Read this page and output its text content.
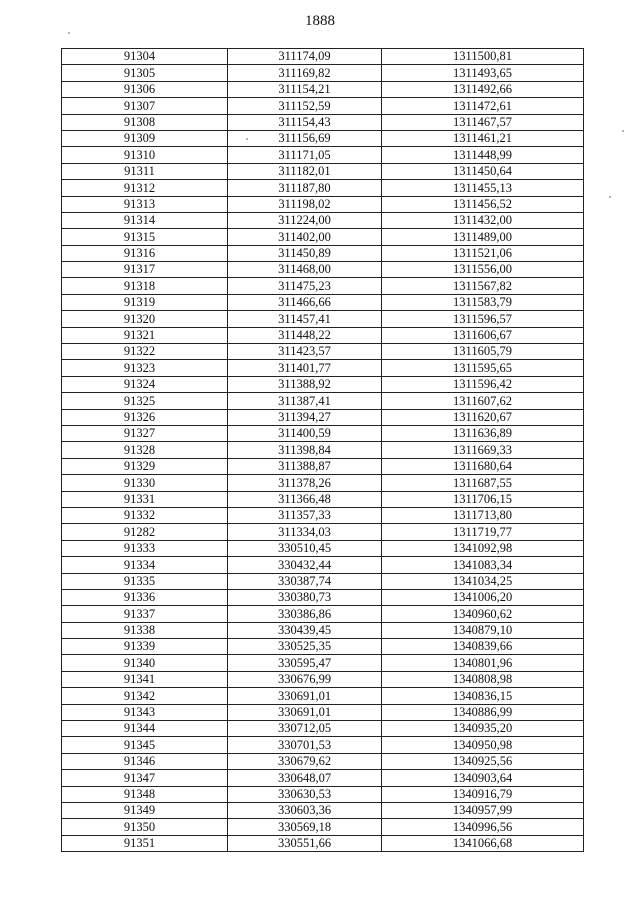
1888
91304	311174,09	1311500,81
91305	311169,82	1311493,65
91306	311154,21	1311492,66
91307	311152,59	1311472,61
91308	311154,43	1311467,57
91309	311156,69	1311461,21
91310	311171,05	1311448,99
91311	311182,01	1311450,64
91312	311187,80	1311455,13
91313	311198,02	1311456,52
91314	311224,00	1311432,00
91315	311402,00	1311489,00
91316	311450,89	1311521,06
91317	311468,00	1311556,00
91318	311475,23	1311567,82
91319	311466,66	1311583,79
91320	311457,41	1311596,57
91321	311448,22	1311606,67
91322	311423,57	1311605,79
91323	311401,77	1311595,65
91324	311388,92	1311596,42
91325	311387,41	1311607,62
91326	311394,27	1311620,67
91327	311400,59	1311636,89
91328	311398,84	1311669,33
91329	311388,87	1311680,64
91330	311378,26	1311687,55
91331	311366,48	1311706,15
91332	311357,33	1311713,80
91282	311334,03	1311719,77
91333	330510,45	1341092,98
91334	330432,44	1341083,34
91335	330387,74	1341034,25
91336	330380,73	1341006,20
91337	330386,86	1340960,62
91338	330439,45	1340879,10
91339	330525,35	1340839,66
91340	330595,47	1340801,96
91341	330676,99	1340808,98
91342	330691,01	1340836,15
91343	330691,01	1340886,99
91344	330712,05	1340935,20
91345	330701,53	1340950,98
91346	330679,62	1340925,56
91347	330648,07	1340903,64
91348	330630,53	1340916,79
91349	330603,36	1340957,99
91350	330569,18	1340996,56
91351	330551,66	1341066,68
